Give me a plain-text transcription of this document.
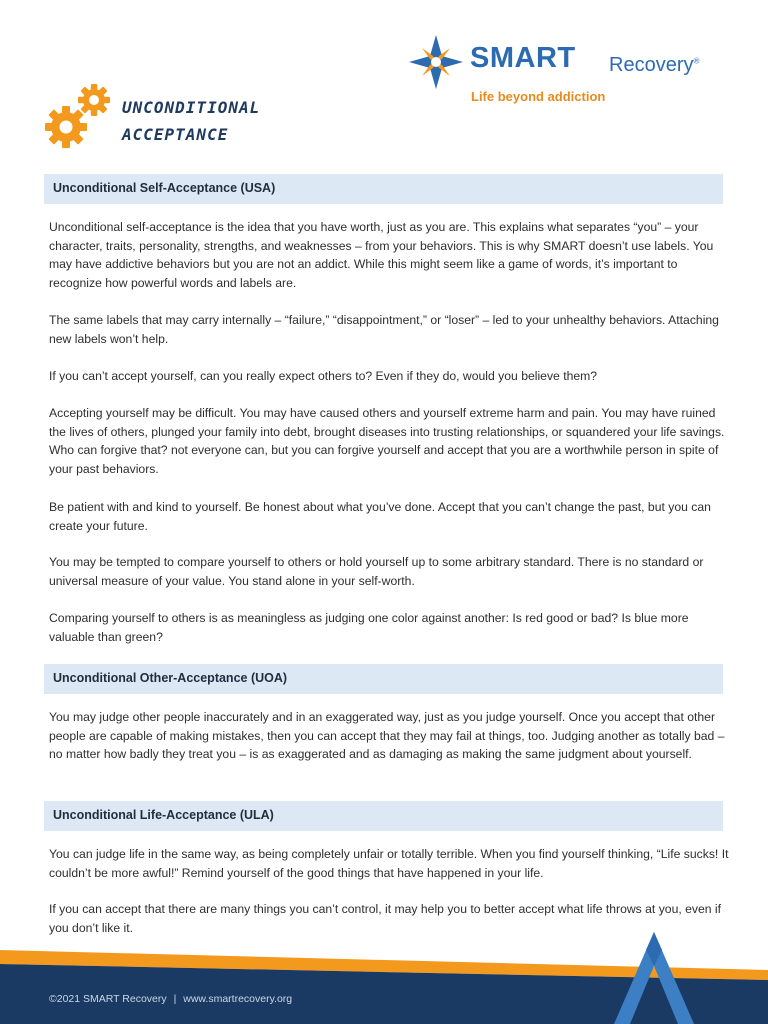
UNCONDITIONAL
ACCEPTANCE
SMART Recovery®
Life beyond addiction
Unconditional Self-Acceptance (USA)

Unconditional self-acceptance is the idea that you have worth, just as you are. This explains what separates “you” – your character, traits, personality, strengths, and weaknesses – from your behaviors. This is why SMART doesn’t use labels. You may have addictive behaviors but you are not an addict. While this might seem like a game of words, it’s important to recognize how powerful words and labels are.

The same labels that may carry internally – “failure,” “disappointment,” or “loser” – led to your unhealthy behaviors. Attaching new labels won’t help.

If you can’t accept yourself, can you really expect others to? Even if they do, would you believe them?

Accepting yourself may be difficult. You may have caused others and yourself extreme harm and pain. You may have ruined the lives of others, plunged your family into debt, brought diseases into trusting relationships, or squandered your life savings. Who can forgive that? not everyone can, but you can forgive yourself and accept that you are a worthwhile person in spite of your past behaviors.

Be patient with and kind to yourself. Be honest about what you’ve done. Accept that you can’t change the past, but you can create your future.

You may be tempted to compare yourself to others or hold yourself up to some arbitrary standard. There is no standard or universal measure of your value. You stand alone in your self-worth.

Comparing yourself to others is as meaningless as judging one color against another: Is red good or bad? Is blue more valuable than green?

Unconditional Other-Acceptance (UOA)

You may judge other people inaccurately and in an exaggerated way, just as you judge yourself. Once you accept that other people are capable of making mistakes, then you can accept that they may fail at things, too. Judging another as totally bad – no matter how badly they treat you – is as exaggerated and as damaging as making the same judgment about yourself.

Unconditional Life-Acceptance (ULA)

You can judge life in the same way, as being completely unfair or totally terrible. When you find yourself thinking, “Life sucks! It couldn’t be more awful!” Remind yourself of the good things that have happened in your life.

If you can accept that there are many things you can’t control, it may help you to better accept what life throws at you, even if you don’t like it.

©2021 SMART Recovery | www.smartrecovery.org
